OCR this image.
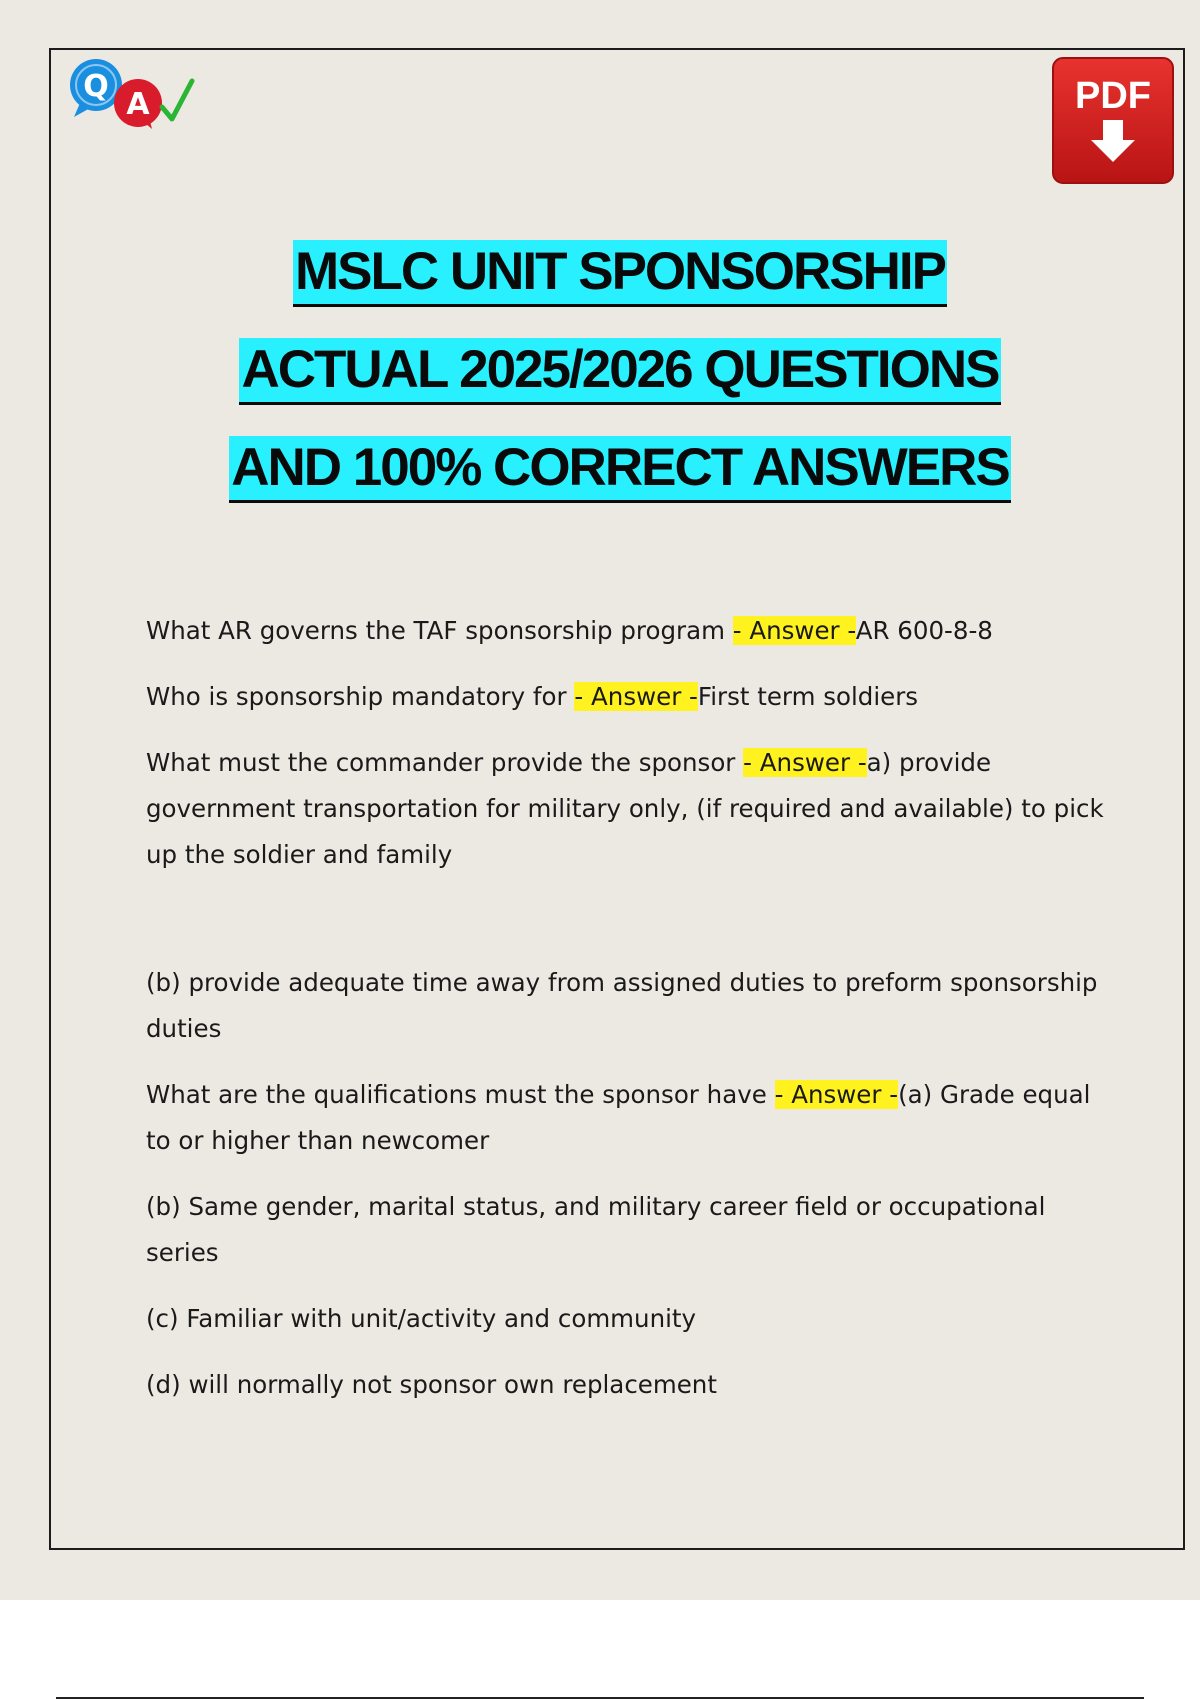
Q
A	PDF
MSLC UNIT SPONSORSHIP
ACTUAL 2025/2026 QUESTIONS
AND 100% CORRECT ANSWERS

What AR governs the TAF sponsorship program - Answer -AR 600-8-8

Who is sponsorship mandatory for - Answer -First term soldiers

What must the commander provide the sponsor - Answer -a) provide government transportation for military only, (if required and available) to pick up the soldier and family

(b) provide adequate time away from assigned duties to preform sponsorship duties

What are the qualifications must the sponsor have - Answer -(a) Grade equal to or higher than newcomer

(b) Same gender, marital status, and military career field or occupational series

(c) Familiar with unit/activity and community

(d) will normally not sponsor own replacement
